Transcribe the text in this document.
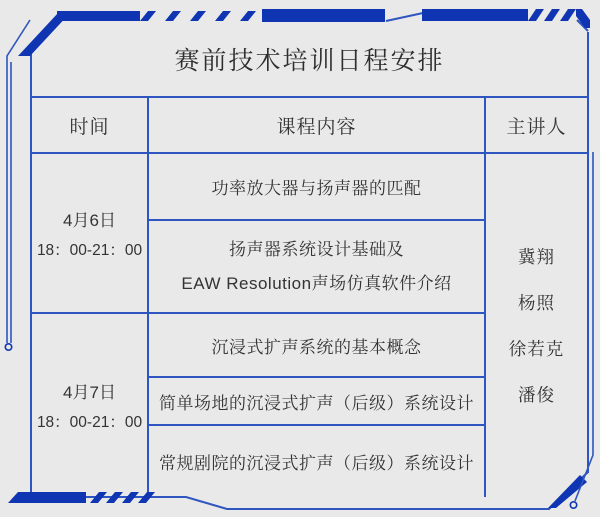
赛前技术培训日程安排
时间	课程内容	主讲人
4月6日
18：00-21：00
4月7日
18：00-21：00
功率放大器与扬声器的匹配
扬声器系统设计基础及
EAW Resolution声场仿真软件介绍
沉浸式扩声系统的基本概念
简单场地的沉浸式扩声（后级）系统设计
常规剧院的沉浸式扩声（后级）系统设计
冀翔
杨照
徐若克
潘俊
